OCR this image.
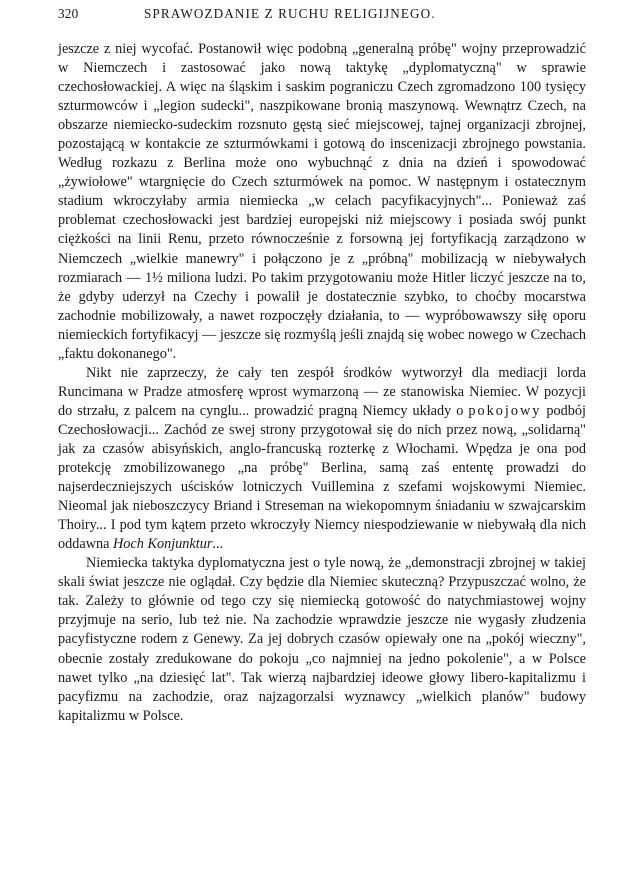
320	SPRAWOZDANIE Z RUCHU RELIGIJNEGO.

jeszcze z niej wycofać. Postanowił więc podobną „generalną próbę" wojny przeprowadzić w Niemczech i zastosować jako nową taktykę „dyplomatyczną" w sprawie czechosłowackiej. A więc na śląskim i saskim pograniczu Czech zgromadzono 100 tysięcy szturmowców i „legion sudecki", naszpikowane bronią maszynową. Wewnątrz Czech, na obszarze niemiecko-sudeckim rozsnuto gęstą sieć miejscowej, tajnej organizacji zbrojnej, pozostającą w kontakcie ze szturmówkami i gotową do inscenizacji zbrojnego powstania. Według rozkazu z Berlina może ono wybuchnąć z dnia na dzień i spowodować „żywiołowe" wtargnięcie do Czech szturmówek na pomoc. W następnym i ostatecznym stadium wkroczyłaby armia niemiecka „w celach pacyfikacyjnych"... Ponieważ zaś problemat czechosłowacki jest bardziej europejski niż miejscowy i posiada swój punkt ciężkości na linii Renu, przeto równocześnie z forsowną jej fortyfikacją zarządzono w Niemczech „wielkie manewry" i połączono je z „próbną" mobilizacją w niebywałych rozmiarach — 1½ miliona ludzi. Po takim przygotowaniu może Hitler liczyć jeszcze na to, że gdyby uderzył na Czechy i powalił je dostatecznie szybko, to choćby mocarstwa zachodnie mobilizowały, a nawet rozpoczęły działania, to — wypróbowawszy siłę oporu niemieckich fortyfikacyj — jeszcze się rozmyślą jeśli znajdą się wobec nowego w Czechach „faktu dokonanego".

Nikt nie zaprzeczy, że cały ten zespół środków wytworzył dla mediacji lorda Runcimana w Pradze atmosferę wprost wymarzoną — ze stanowiska Niemiec. W pozycji do strzału, z palcem na cynglu... prowadzić pragną Niemcy układy o pokojowy podbój Czechosłowacji... Zachód ze swej strony przygotował się do nich przez nową, „solidarną" jak za czasów abisyńskich, anglo-francuską rozterkę z Włochami. Wpędza je ona pod protekcję zmobilizowanego „na próbę" Berlina, samą zaś ententę prowadzi do najserdeczniejszych uścisków lotniczych Vuillemina z szefami wojskowymi Niemiec. Nieomal jak nieboszczycy Briand i Streseman na wiekopomnym śniadaniu w szwajcarskim Thoiry... I pod tym kątem przeto wkroczyły Niemcy niespodziewanie w niebywałą dla nich oddawna Hoch Konjunktur...

Niemiecka taktyka dyplomatyczna jest o tyle nową, że „demonstracji zbrojnej w takiej skali świat jeszcze nie oglądał. Czy będzie dla Niemiec skuteczną? Przypuszczać wolno, że tak. Zależy to głównie od tego czy się niemiecką gotowość do natychmiastowej wojny przyjmuje na serio, lub też nie. Na zachodzie wprawdzie jeszcze nie wygasły złudzenia pacyfistyczne rodem z Genewy. Za jej dobrych czasów opiewały one na „pokój wieczny", obecnie zostały zredukowane do pokoju „co najmniej na jedno pokolenie", a w Polsce nawet tylko „na dziesięć lat". Tak wierzą najbardziej ideowe głowy libero-kapitalizmu i pacyfizmu na zachodzie, oraz najzagorzalsi wyznawcy „wielkich planów" budowy kapitalizmu w Polsce.
